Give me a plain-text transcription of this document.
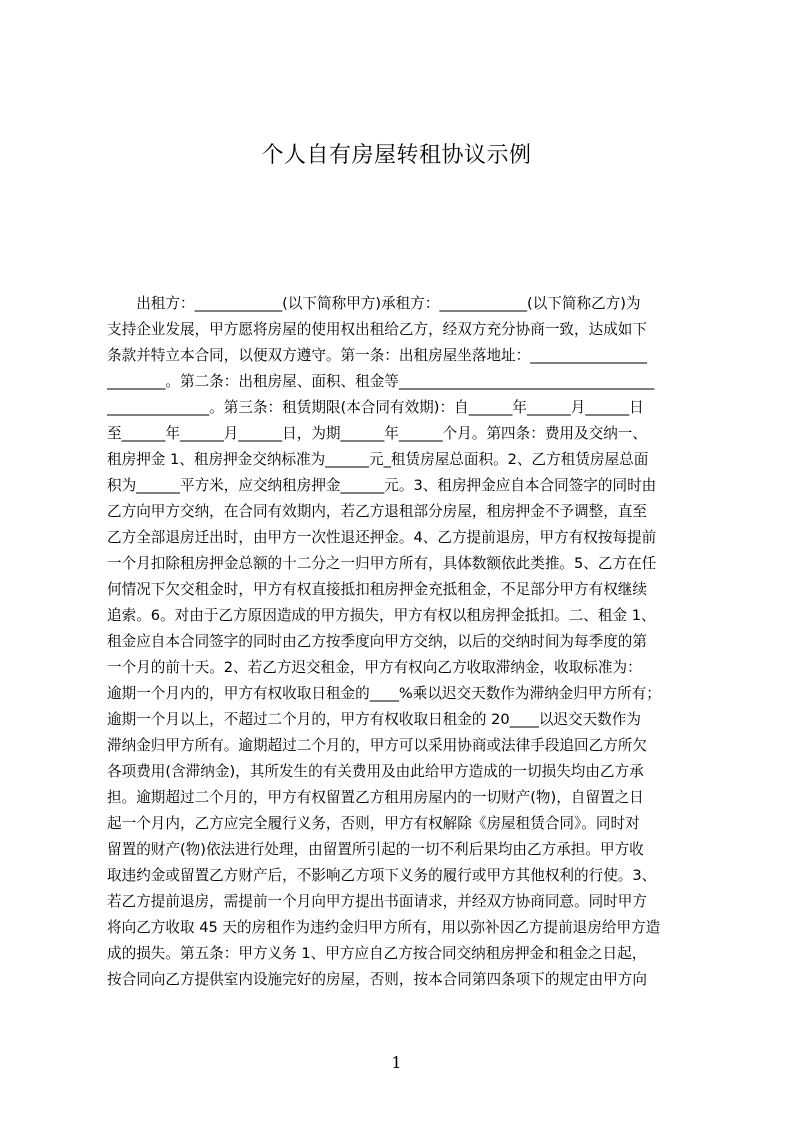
个人自有房屋转租协议示例
　　出租方：____________(以下简称甲方)承租方：____________(以下简称乙方)为
支持企业发展，甲方愿将房屋的使用权出租给乙方，经双方充分协商一致，达成如下
条款并特立本合同，以便双方遵守。第一条：出租房屋坐落地址：________________
________。第二条：出租房屋、面积、租金等___________________________________
______________。第三条：租赁期限(本合同有效期)：自______年______月______日
至______年______月______日，为期______年______个月。第四条：费用及交纳一、
租房押金 1、租房押金交纳标准为______元_租赁房屋总面积。2、乙方租赁房屋总面
积为______平方米，应交纳租房押金______元。3、租房押金应自本合同签字的同时由
乙方向甲方交纳，在合同有效期内，若乙方退租部分房屋，租房押金不予调整，直至
乙方全部退房迁出时，由甲方一次性退还押金。4、乙方提前退房，甲方有权按每提前
一个月扣除租房押金总额的十二分之一归甲方所有，具体数额依此类推。5、乙方在任
何情况下欠交租金时，甲方有权直接抵扣租房押金充抵租金，不足部分甲方有权继续
追索。6。对由于乙方原因造成的甲方损失，甲方有权以租房押金抵扣。二、租金 1、
租金应自本合同签字的同时由乙方按季度向甲方交纳，以后的交纳时间为每季度的第
一个月的前十天。2、若乙方迟交租金，甲方有权向乙方收取滞纳金，收取标准为：
逾期一个月内的，甲方有权收取日租金的____%乘以迟交天数作为滞纳金归甲方所有；
逾期一个月以上，不超过二个月的，甲方有权收取日租金的 20____以迟交天数作为
滞纳金归甲方所有。逾期超过二个月的，甲方可以采用协商或法律手段追回乙方所欠
各项费用(含滞纳金)，其所发生的有关费用及由此给甲方造成的一切损失均由乙方承
担。逾期超过二个月的，甲方有权留置乙方租用房屋内的一切财产(物)，自留置之日
起一个月内，乙方应完全履行义务，否则，甲方有权解除《房屋租赁合同》。同时对
留置的财产(物)依法进行处理，由留置所引起的一切不利后果均由乙方承担。甲方收
取违约金或留置乙方财产后，不影响乙方项下义务的履行或甲方其他权利的行使。3、
若乙方提前退房，需提前一个月向甲方提出书面请求，并经双方协商同意。同时甲方
将向乙方收取 45 天的房租作为违约金归甲方所有，用以弥补因乙方提前退房给甲方造
成的损失。第五条：甲方义务 1、甲方应自乙方按合同交纳租房押金和租金之日起，
按合同向乙方提供室内设施完好的房屋，否则，按本合同第四条项下的规定由甲方向
1
